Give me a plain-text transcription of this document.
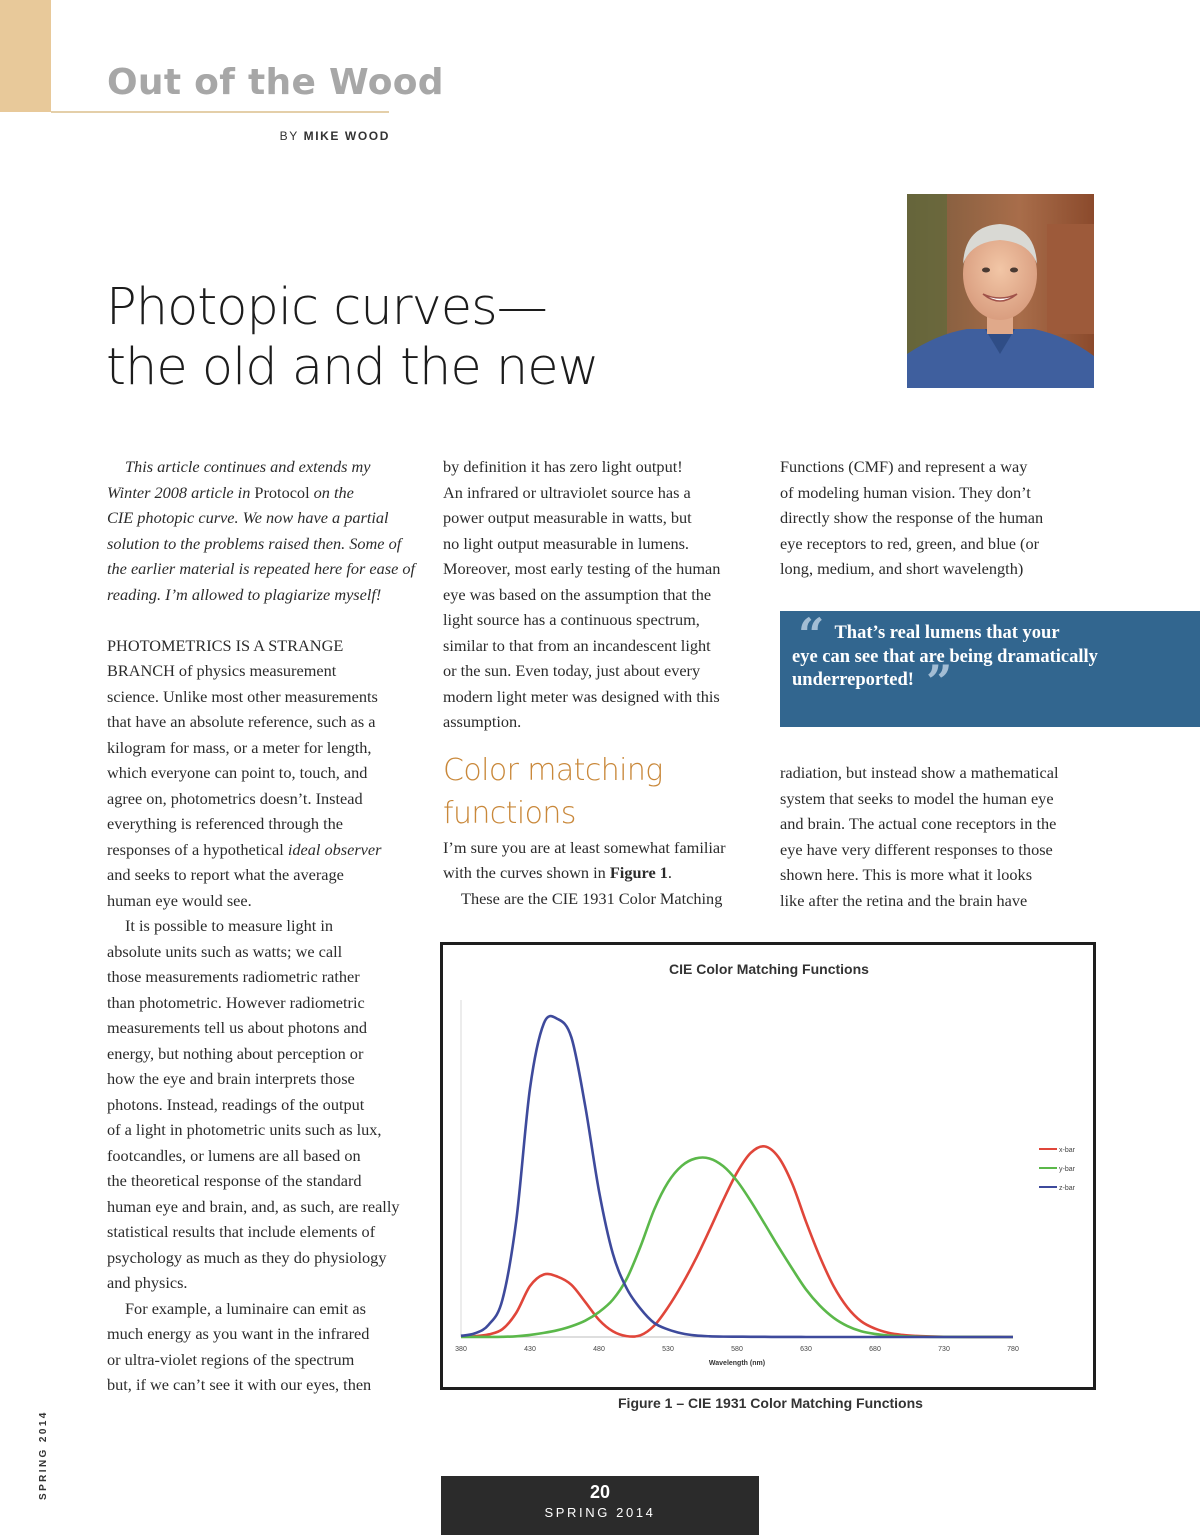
Out of the Wood
BY MIKE WOOD
Photopic curves—
the old and the new
This article continues and extends my
Winter 2008 article in Protocol on the
CIE photopic curve. We now have a partial
solution to the problems raised then. Some of
the earlier material is repeated here for ease of
reading. I’m allowed to plagiarize myself!
PHOTOMETRICS IS A STRANGE
BRANCH of physics measurement
science. Unlike most other measurements
that have an absolute reference, such as a
kilogram for mass, or a meter for length,
which everyone can point to, touch, and
agree on, photometrics doesn’t. Instead
everything is referenced through the
responses of a hypothetical ideal observer
and seeks to report what the average
human eye would see.
It is possible to measure light in
absolute units such as watts; we call
those measurements radiometric rather
than photometric. However radiometric
measurements tell us about photons and
energy, but nothing about perception or
how the eye and brain interprets those
photons. Instead, readings of the output
of a light in photometric units such as lux,
footcandles, or lumens are all based on
the theoretical response of the standard
human eye and brain, and, as such, are really
statistical results that include elements of
psychology as much as they do physiology
and physics.
For example, a luminaire can emit as
much energy as you want in the infrared
or ultra-violet regions of the spectrum
but, if we can’t see it with our eyes, then
by definition it has zero light output!
An infrared or ultraviolet source has a
power output measurable in watts, but
no light output measurable in lumens.
Moreover, most early testing of the human
eye was based on the assumption that the
light source has a continuous spectrum,
similar to that from an incandescent light
or the sun. Even today, just about every
modern light meter was designed with this
assumption.
Color matching
functions
I’m sure you are at least somewhat familiar
with the curves shown in Figure 1.
These are the CIE 1931 Color Matching
Functions (CMF) and represent a way
of modeling human vision. They don’t
directly show the response of the human
eye receptors to red, green, and blue (or
long, medium, and short wavelength)
“ That’s real lumens that your
eye can see that are being dramatically
underreported! ”
radiation, but instead show a mathematical
system that seeks to model the human eye
and brain. The actual cone receptors in the
eye have very different responses to those
shown here. This is more what it looks
like after the retina and the brain have
CIE Color Matching Functions
380	430	480	530	580	630	680	730	780
Wavelength (nm)
x-bar
y-bar
z-bar
Figure 1 – CIE 1931 Color Matching Functions
SPRING 2014	20
SPRING 2014
